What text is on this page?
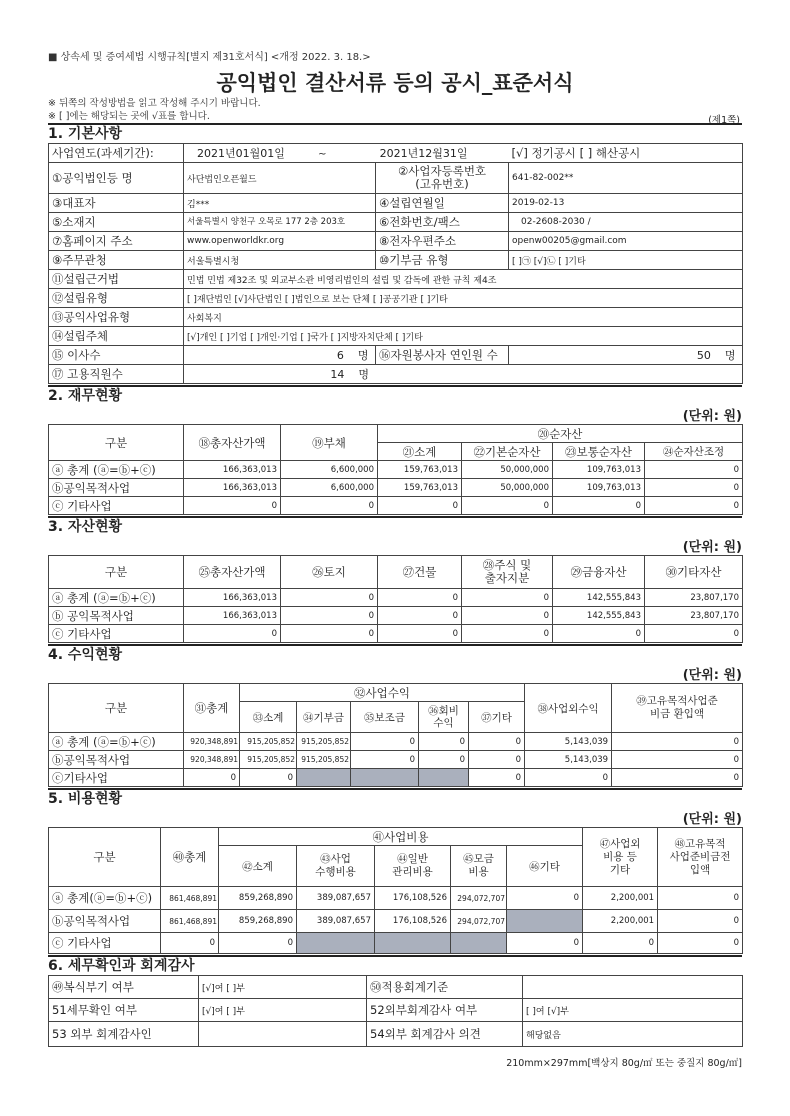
■ 상속세 및 증여세법 시행규칙[별지 제31호서식] <개정 2022. 3. 18.>
공익법인 결산서류 등의 공시_표준서식
※ 뒤쪽의 작성방법을 읽고 작성해 주시기 바랍니다.
※ [ ]에는 해당되는 곳에 √표를 합니다.	(제1쪽)
1. 기본사항
사업연도(과세기간):	2021년01월01일 ~ 2021년12월31일		[√] 정기공시 [ ] 해산공시
①공익법인등 명	사단법인오픈월드	②사업자등록번호
(고유번호)	641-82-002**
③대표자	김***	④설립연월일	2019-02-13
⑤소재지	서울특별시 양천구 오목로 177 2층 203호	⑥전화번호/팩스	02-2608-2030 /
⑦홈페이지 주소	www.openworldkr.org	⑧전자우편주소	openw00205@gmail.com
⑨주무관청	서울특별시청	⑩기부금 유형	[ ]㉠ [√]㉡ [ ]기타
⑪설립근거법	민법 민법 제32조 및 외교부소관 비영리법인의 설립 및 감독에 관한 규칙 제4조		
⑫설립유형	[ ]재단법인 [√]사단법인 [ ]법인으로 보는 단체 [ ]공공기관 [ ]기타		
⑬공익사업유형	사회복지		
⑭설립주체	[√]개인 [ ]기업 [ ]개인·기업 [ ]국가 [ ]지방자치단체 [ ]기타		
⑮ 이사수	6 명	⑯자원봉사자 연인원 수	50 명
⑰ 고용직원수	14 명		
2. 재무현황
(단위: 원)
구분	⑱총자산가액	⑲부채	⑳순자산			
			㉑소계	㉒기본순자산	㉓보통순자산	㉔순자산조정
ⓐ 총계 (ⓐ=ⓑ+ⓒ)	166,363,013	6,600,000	159,763,013	50,000,000	109,763,013	0
ⓑ공익목적사업	166,363,013	6,600,000	159,763,013	50,000,000	109,763,013	0
ⓒ 기타사업	0	0	0	0	0	0
3. 자산현황
(단위: 원)
구분	㉕총자산가액	㉖토지	㉗건물	㉘주식 및
출자지분	㉙금융자산	㉚기타자산
ⓐ 총계 (ⓐ=ⓑ+ⓒ)	166,363,013	0	0	0	142,555,843	23,807,170
ⓑ 공익목적사업	166,363,013	0	0	0	142,555,843	23,807,170
ⓒ 기타사업	0	0	0	0	0	0
4. 수익현황
(단위: 원)
구분	㉛총계	㉜사업수익					㊳사업외수익	㊴고유목적사업준
비금 환입액
		㉝소계	㉞기부금	㉟보조금	㊱회비
수익	㊲기타		
ⓐ 총계 (ⓐ=ⓑ+ⓒ)	920,348,891	915,205,852	915,205,852	0	0	0	5,143,039	0
ⓑ공익목적사업	920,348,891	915,205,852	915,205,852	0	0	0	5,143,039	0
ⓒ기타사업	0	0				0	0	0
5. 비용현황
(단위: 원)
구분	㊵총계	㊶사업비용					㊼사업외
비용 등
기타	㊽고유목적
사업준비금전
입액
		㊷소계	㊸사업
수행비용	㊹일반
관리비용	㊺모금
비용	㊻기타		
ⓐ 총계(ⓐ=ⓑ+ⓒ)	861,468,891	859,268,890	389,087,657	176,108,526	294,072,707	0	2,200,001	0
ⓑ공익목적사업	861,468,891	859,268,890	389,087,657	176,108,526	294,072,707		2,200,001	0
ⓒ 기타사업	0	0				0	0	0
6. 세무확인과 회계감사
㊾복식부기 여부	[√]여 [ ]부	㊿적용회계기준	
51세무확인 여부	[√]여 [ ]부	52외부회계감사 여부	[ ]여 [√]부
53 외부 회계감사인		54외부 회계감사 의견	해당없음
210mm×297mm[백상지 80g/㎡ 또는 중질지 80g/㎡]
